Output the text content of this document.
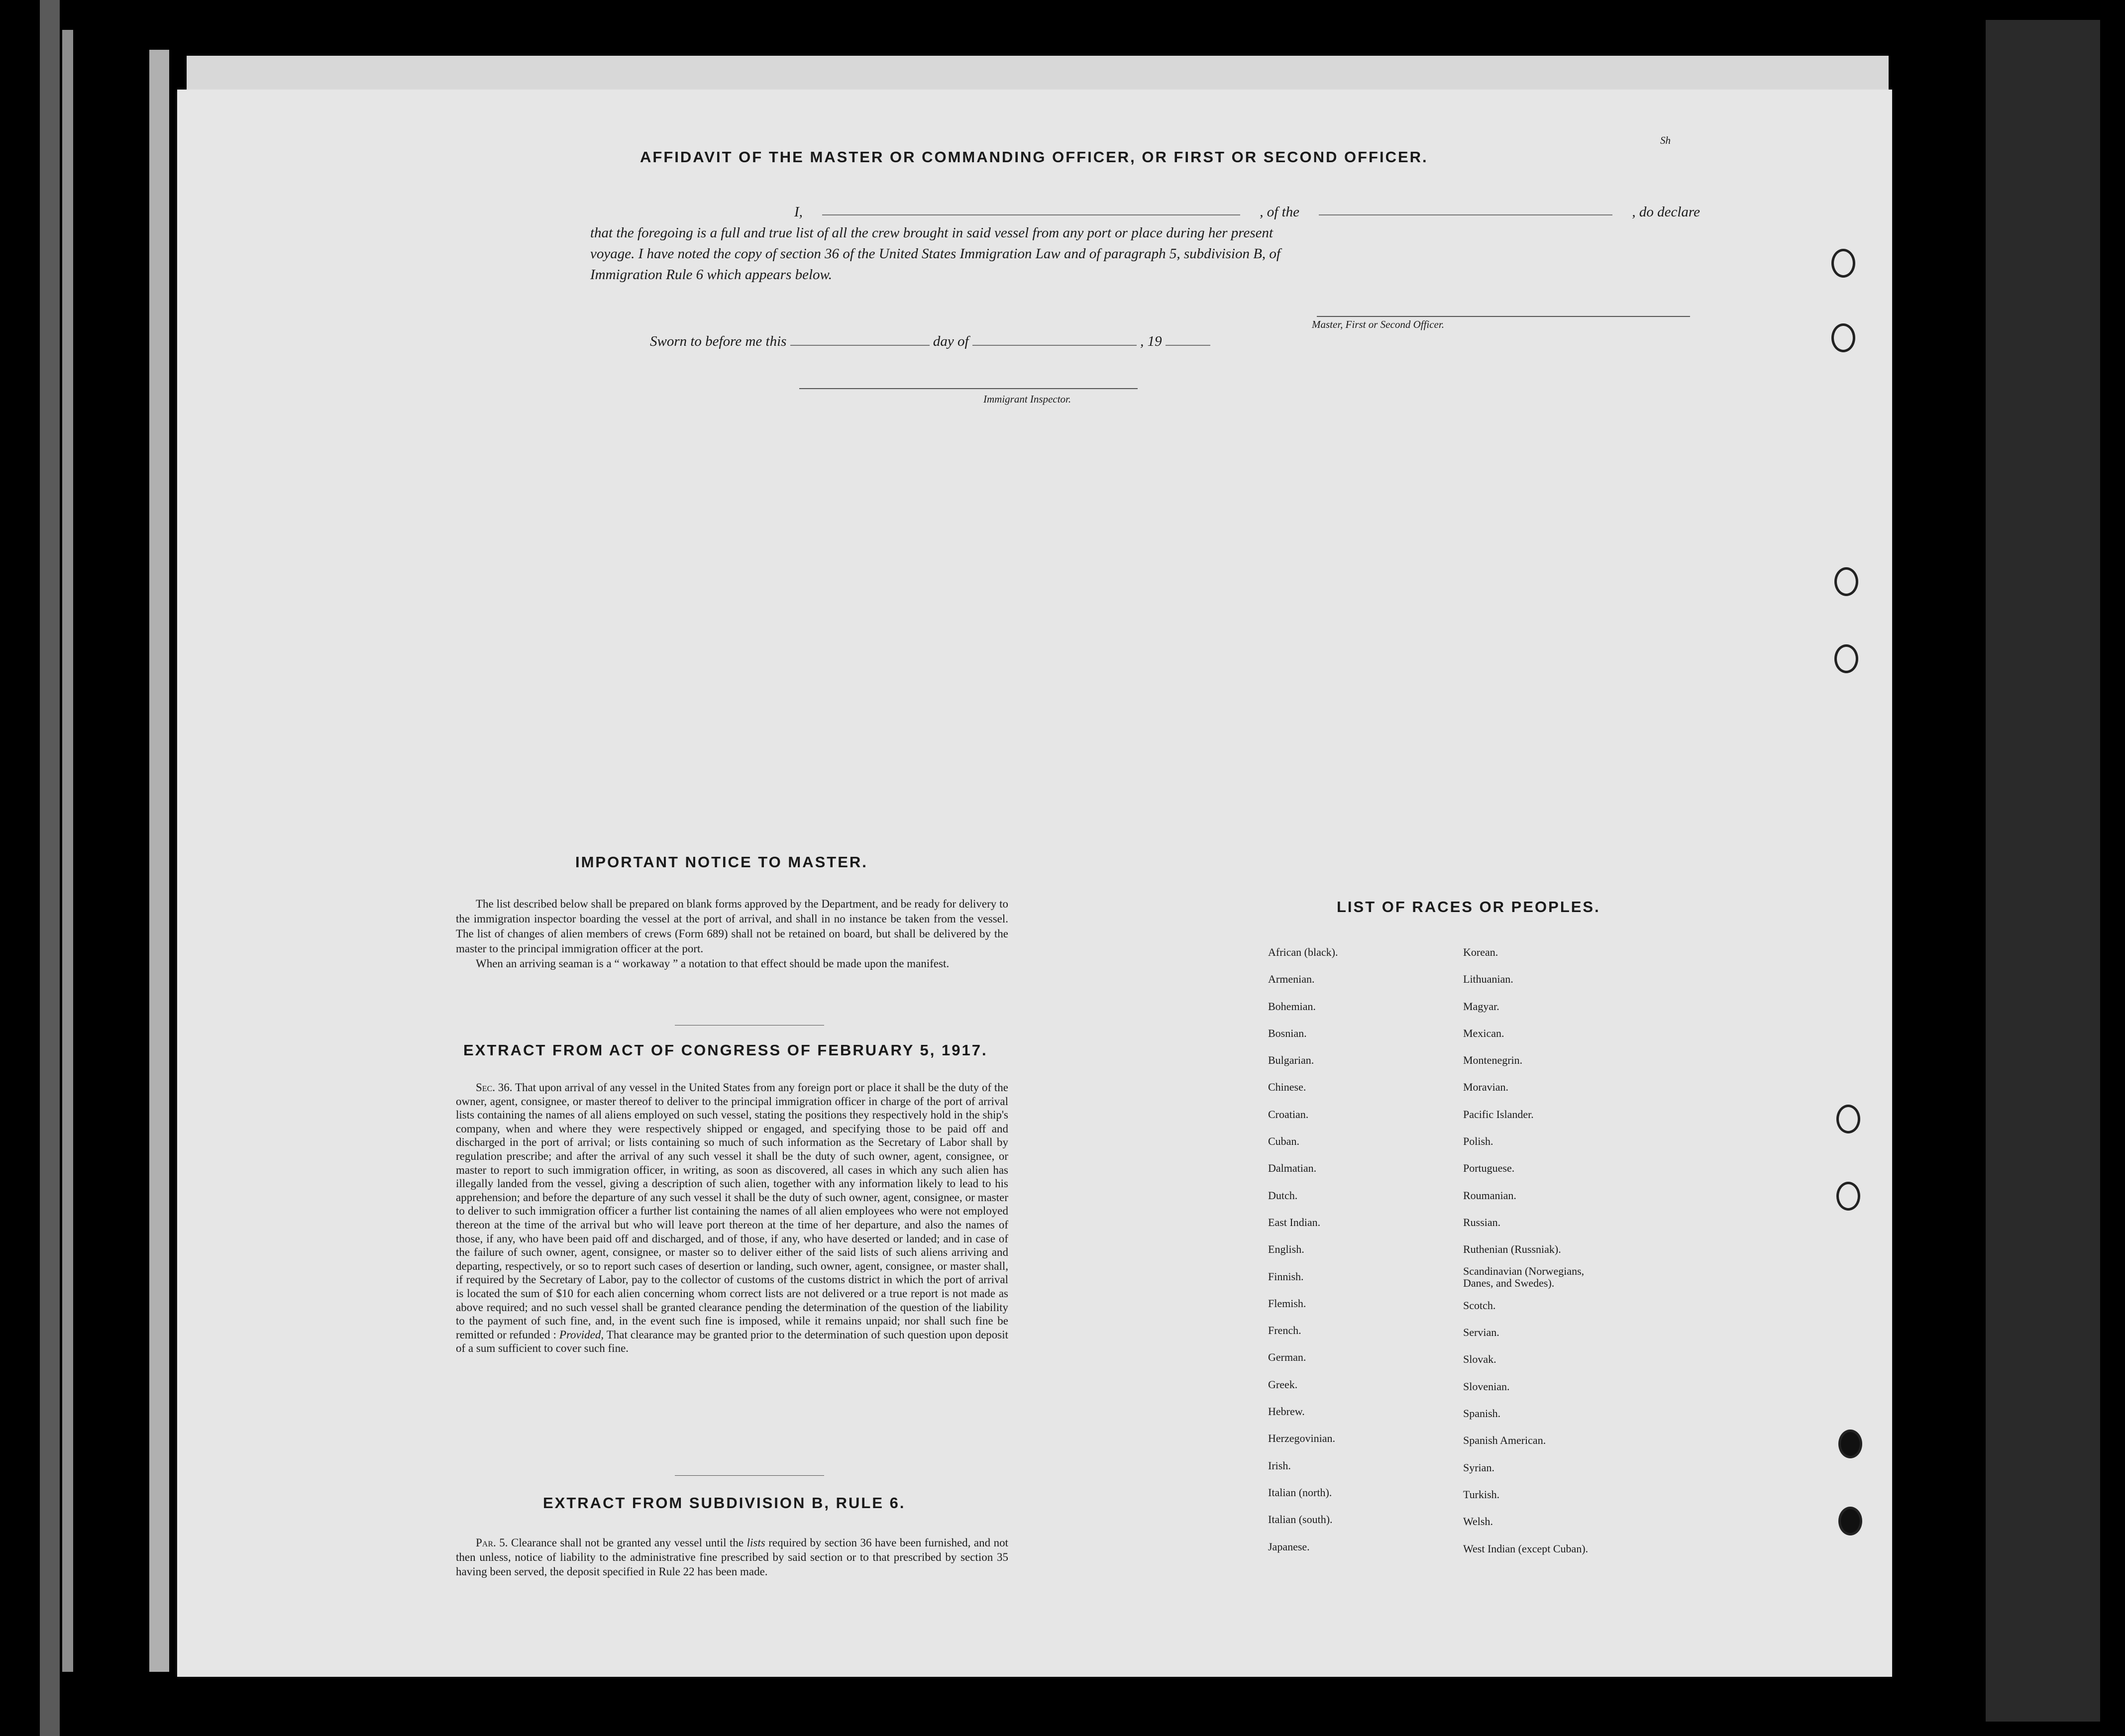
AFFIDAVIT OF THE MASTER OR COMMANDING OFFICER, OR FIRST OR SECOND OFFICER.
Sh
I,	, of the	, do declare
that the foregoing is a full and true list of all the crew brought in said vessel from any port or place during her present
voyage. I have noted the copy of section 36 of the United States Immigration Law and of paragraph 5, subdivision B, of
Immigration Rule 6 which appears below.
Master, First or Second Officer.
Sworn to before me this	day of	, 19
Immigrant Inspector.
IMPORTANT NOTICE TO MASTER.
The list described below shall be prepared on blank forms approved by the Department, and be ready for delivery to the immigration inspector boarding the vessel at the port of arrival, and shall in no instance be taken from the vessel. The list of changes of alien members of crews (Form 689) shall not be retained on board, but shall be delivered by the master to the principal immigration officer at the port.
When an arriving seaman is a “ workaway ” a notation to that effect should be made upon the manifest.
EXTRACT FROM ACT OF CONGRESS OF FEBRUARY 5, 1917.
Sec. 36. That upon arrival of any vessel in the United States from any foreign port or place it shall be the duty of the owner, agent, consignee, or master thereof to deliver to the principal immigration officer in charge of the port of arrival lists containing the names of all aliens employed on such vessel, stating the positions they respectively hold in the ship's company, when and where they were respectively shipped or engaged, and specifying those to be paid off and discharged in the port of arrival; or lists containing so much of such information as the Secretary of Labor shall by regulation prescribe; and after the arrival of any such vessel it shall be the duty of such owner, agent, consignee, or master to report to such immigration officer, in writing, as soon as discovered, all cases in which any such alien has illegally landed from the vessel, giving a description of such alien, together with any information likely to lead to his apprehension; and before the departure of any such vessel it shall be the duty of such owner, agent, consignee, or master to deliver to such immigration officer a further list containing the names of all alien employees who were not employed thereon at the time of the arrival but who will leave port thereon at the time of her departure, and also the names of those, if any, who have been paid off and discharged, and of those, if any, who have deserted or landed; and in case of the failure of such owner, agent, consignee, or master so to deliver either of the said lists of such aliens arriving and departing, respectively, or so to report such cases of desertion or landing, such owner, agent, consignee, or master shall, if required by the Secretary of Labor, pay to the collector of customs of the customs district in which the port of arrival is located the sum of $10 for each alien concerning whom correct lists are not delivered or a true report is not made as above required; and no such vessel shall be granted clearance pending the determination of the question of the liability to the payment of such fine, and, in the event such fine is imposed, while it remains unpaid; nor shall such fine be remitted or refunded : Provided, That clearance may be granted prior to the determination of such question upon deposit of a sum sufficient to cover such fine.
EXTRACT FROM SUBDIVISION B, RULE 6.
Par. 5. Clearance shall not be granted any vessel until the lists required by section 36 have been furnished, and not then unless, notice of liability to the administrative fine prescribed by said section or to that prescribed by section 35 having been served, the deposit specified in Rule 22 has been made.
LIST OF RACES OR PEOPLES.
African (black).
Armenian.
Bohemian.
Bosnian.
Bulgarian.
Chinese.
Croatian.
Cuban.
Dalmatian.
Dutch.
East Indian.
English.
Finnish.
Flemish.
French.
German.
Greek.
Hebrew.
Herzegovinian.
Irish.
Italian (north).
Italian (south).
Japanese.
Korean.
Lithuanian.
Magyar.
Mexican.
Montenegrin.
Moravian.
Pacific Islander.
Polish.
Portuguese.
Roumanian.
Russian.
Ruthenian (Russniak).
Scandinavian (Norwegians, Danes, and Swedes).
Scotch.
Servian.
Slovak.
Slovenian.
Spanish.
Spanish American.
Syrian.
Turkish.
Welsh.
West Indian (except Cuban).
